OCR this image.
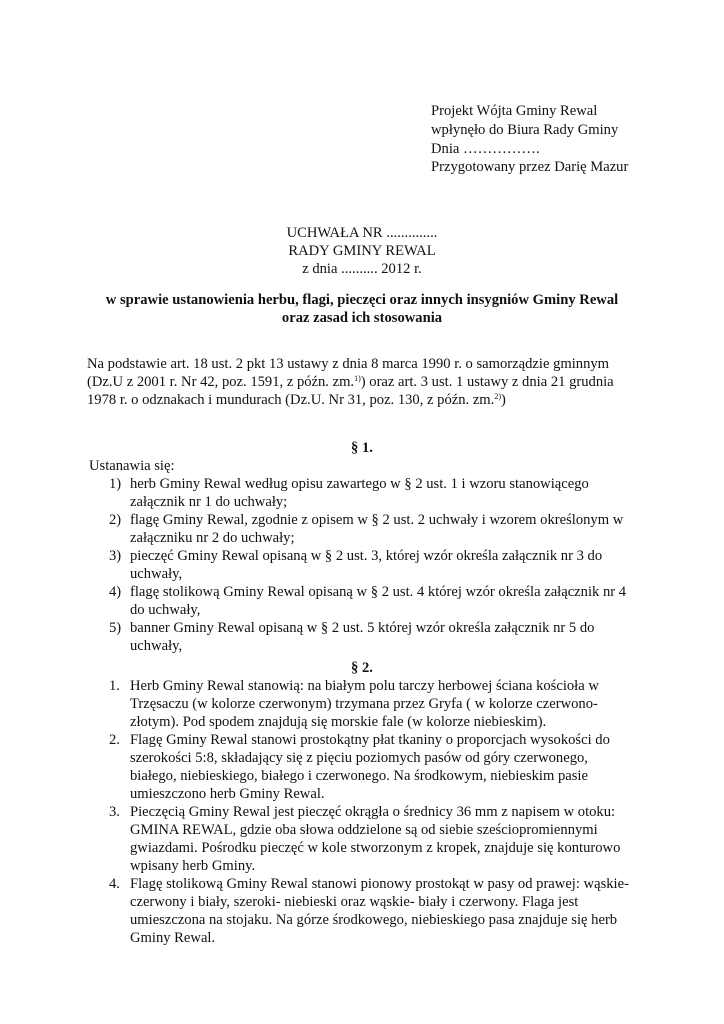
Projekt Wójta Gminy Rewal
wpłynęło do Biura Rady Gminy
Dnia …………….
Przygotowany przez Darię Mazur
UCHWAŁA NR ..............
RADY GMINY REWAL
z dnia .......... 2012 r.
w sprawie ustanowienia herbu, flagi, pieczęci oraz innych insygniów Gminy Rewal
oraz zasad ich stosowania
Na podstawie art. 18 ust. 2 pkt 13 ustawy z dnia 8 marca 1990 r. o samorządzie gminnym
(Dz.U z 2001 r. Nr 42, poz. 1591, z późn. zm.$^{1)}$) oraz art. 3 ust. 1 ustawy z dnia 21 grudnia
1978 r. o odznakach i mundurach (Dz.U. Nr 31, poz. 130, z późn. zm.$^{2)}$)
§ 1.
Ustanawia się:
1) herb Gminy Rewal według opisu zawartego w § 2 ust. 1 i wzoru stanowiącego
załącznik nr 1 do uchwały;
2) flagę Gminy Rewal, zgodnie z opisem w § 2 ust. 2 uchwały i wzorem określonym w
załączniku nr 2 do uchwały;
3) pieczęć Gminy Rewal opisaną w § 2 ust. 3, której wzór określa załącznik nr 3 do
uchwały,
4) flagę stolikową Gminy Rewal opisaną w § 2 ust. 4 której wzór określa załącznik nr 4
do uchwały,
5) banner Gminy Rewal opisaną w § 2 ust. 5 której wzór określa załącznik nr 5 do
uchwały,
§ 2.
1. Herb Gminy Rewal stanowią: na białym polu tarczy herbowej ściana kościoła w
Trzęsaczu (w kolorze czerwonym) trzymana przez Gryfa ( w kolorze czerwono-
złotym). Pod spodem znajdują się morskie fale (w kolorze niebieskim).
2. Flagę Gminy Rewal stanowi prostokątny płat tkaniny o proporcjach wysokości do
szerokości 5:8, składający się z pięciu poziomych pasów od góry czerwonego,
białego, niebieskiego, białego i czerwonego. Na środkowym, niebieskim pasie
umieszczono herb Gminy Rewal.
3. Pieczęcią Gminy Rewal jest pieczęć okrągła o średnicy 36 mm z napisem w otoku:
GMINA REWAL, gdzie oba słowa oddzielone są od siebie sześciopromiennymi
gwiazdami. Pośrodku pieczęć w kole stworzonym z kropek, znajduje się konturowo
wpisany herb Gminy.
4. Flagę stolikową Gminy Rewal stanowi pionowy prostokąt w pasy od prawej: wąskie-
czerwony i biały, szeroki- niebieski oraz wąskie- biały i czerwony. Flaga jest
umieszczona na stojaku. Na górze środkowego, niebieskiego pasa znajduje się herb
Gminy Rewal.
